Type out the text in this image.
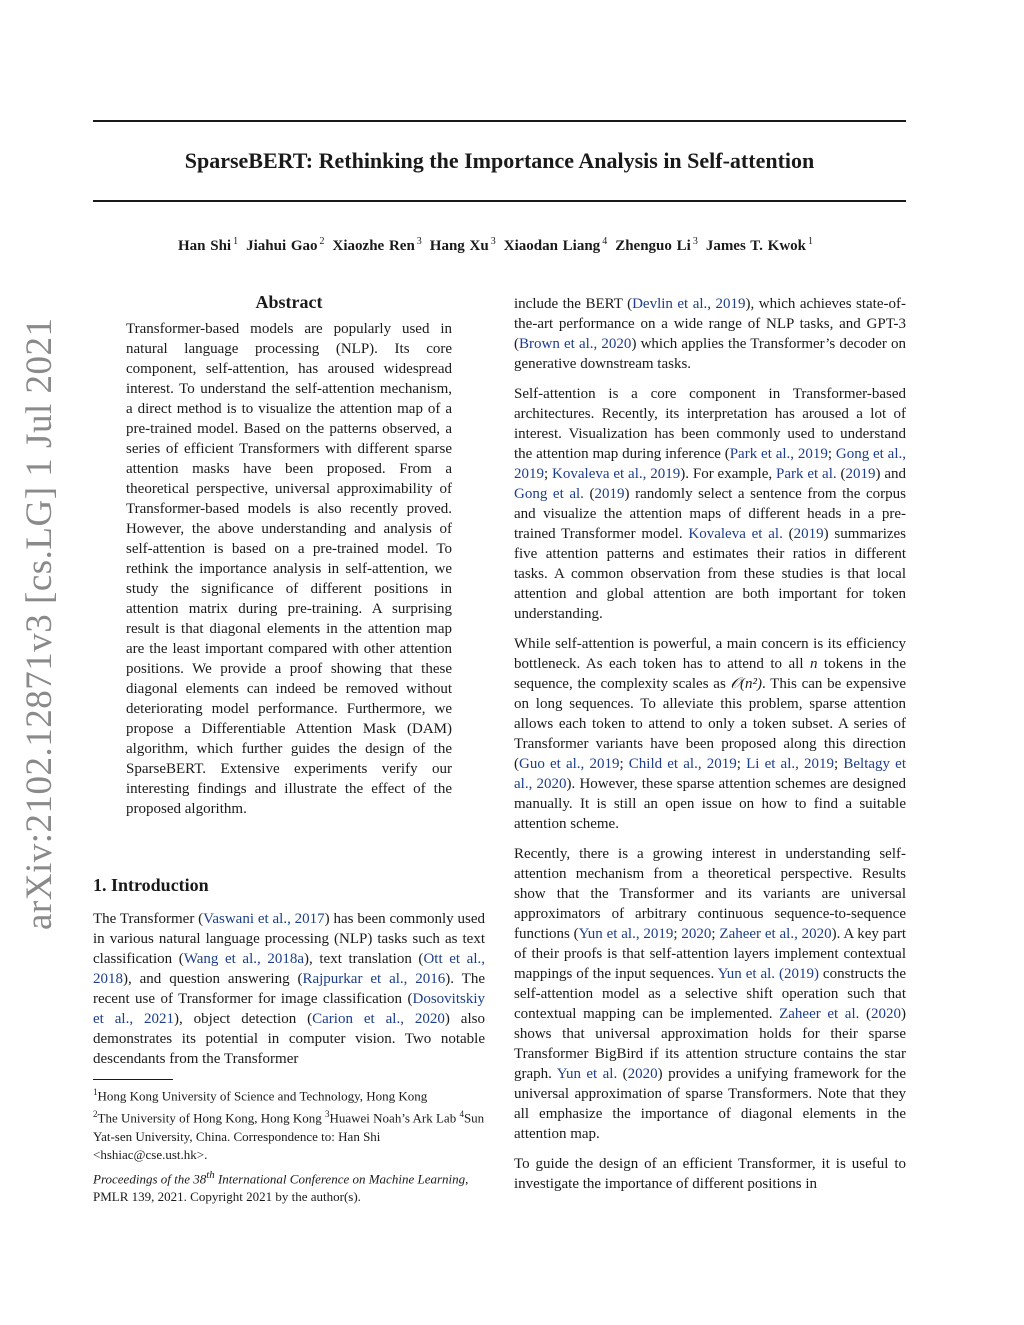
SparseBERT: Rethinking the Importance Analysis in Self-attention
Han Shi $^1$ Jiahui Gao $^2$ Xiaozhe Ren $^3$ Hang Xu $^3$ Xiaodan Liang $^4$ Zhenguo Li $^3$ James T. Kwok $^1$
arXiv:2102.12871v3 [cs.LG] 1 Jul 2021
Abstract
Transformer-based models are popularly used in natural language processing (NLP). Its core component, self-attention, has aroused widespread interest. To understand the self-attention mechanism, a direct method is to visualize the attention map of a pre-trained model. Based on the patterns observed, a series of efficient Transformers with different sparse attention masks have been proposed. From a theoretical perspective, universal approximability of Transformer-based models is also recently proved. However, the above understanding and analysis of self-attention is based on a pre-trained model. To rethink the importance analysis in self-attention, we study the significance of different positions in attention matrix during pre-training. A surprising result is that diagonal elements in the attention map are the least important compared with other attention positions. We provide a proof showing that these diagonal elements can indeed be removed without deteriorating model performance. Furthermore, we propose a Differentiable Attention Mask (DAM) algorithm, which further guides the design of the SparseBERT. Extensive experiments verify our interesting findings and illustrate the effect of the proposed algorithm.
1. Introduction

The Transformer (Vaswani et al., 2017) has been commonly used in various natural language processing (NLP) tasks such as text classification (Wang et al., 2018a), text translation (Ott et al., 2018), and question answering (Rajpurkar et al., 2016). The recent use of Transformer for image classification (Dosovitskiy et al., 2021), object detection (Carion et al., 2020) also demonstrates its potential in computer vision. Two notable descendants from the Transformer

include the BERT (Devlin et al., 2019), which achieves state-of-the-art performance on a wide range of NLP tasks, and GPT-3 (Brown et al., 2020) which applies the Transformer’s decoder on generative downstream tasks.

Self-attention is a core component in Transformer-based architectures. Recently, its interpretation has aroused a lot of interest. Visualization has been commonly used to understand the attention map during inference (Park et al., 2019; Gong et al., 2019; Kovaleva et al., 2019). For example, Park et al. (2019) and Gong et al. (2019) randomly select a sentence from the corpus and visualize the attention maps of different heads in a pre-trained Transformer model. Kovaleva et al. (2019) summarizes five attention patterns and estimates their ratios in different tasks. A common observation from these studies is that local attention and global attention are both important for token understanding.

While self-attention is powerful, a main concern is its efficiency bottleneck. As each token has to attend to all n tokens in the sequence, the complexity scales as 𝒪(n²). This can be expensive on long sequences. To alleviate this problem, sparse attention allows each token to attend to only a token subset. A series of Transformer variants have been proposed along this direction (Guo et al., 2019; Child et al., 2019; Li et al., 2019; Beltagy et al., 2020). However, these sparse attention schemes are designed manually. It is still an open issue on how to find a suitable attention scheme.

Recently, there is a growing interest in understanding self-attention mechanism from a theoretical perspective. Results show that the Transformer and its variants are universal approximators of arbitrary continuous sequence-to-sequence functions (Yun et al., 2019; 2020; Zaheer et al., 2020). A key part of their proofs is that self-attention layers implement contextual mappings of the input sequences. Yun et al. (2019) constructs the self-attention model as a selective shift operation such that contextual mapping can be implemented. Zaheer et al. (2020) shows that universal approximation holds for their sparse Transformer BigBird if its attention structure contains the star graph. Yun et al. (2020) provides a unifying framework for the universal approximation of sparse Transformers. Note that they all emphasize the importance of diagonal elements in the attention map.

To guide the design of an efficient Transformer, it is useful to investigate the importance of different positions in

$^1$Hong Kong University of Science and Technology, Hong Kong
$^2$The University of Hong Kong, Hong Kong $^3$Huawei Noah’s Ark Lab $^4$Sun Yat-sen University, China. Correspondence to: Han Shi <hshiac@cse.ust.hk>.
Proceedings of the 38th International Conference on Machine Learning, PMLR 139, 2021. Copyright 2021 by the author(s).
